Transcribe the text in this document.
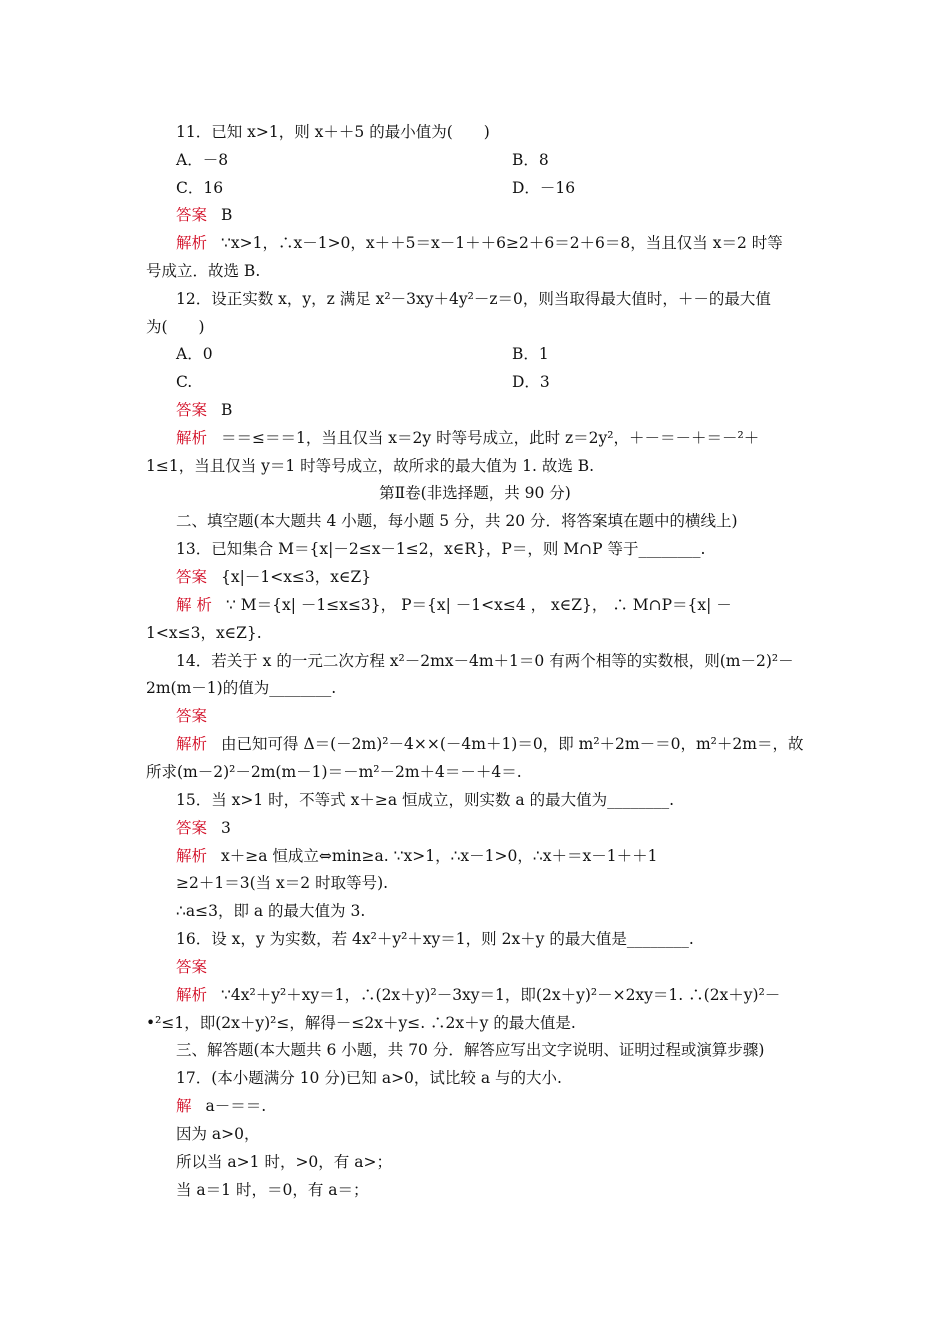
11．已知 x>1，则 x＋＋5 的最小值为(　　)
A．－8	B．8
C．16	D．－16
答案 B
解析 ∵x>1，∴x－1>0，x＋＋5＝x－1＋＋6≥2＋6＝2＋6＝8，当且仅当 x＝2 时等
号成立．故选 B.
12．设正实数 x，y，z 满足 x²－3xy＋4y²－z＝0，则当取得最大值时，＋－的最大值
为(　　)
A．0	B．1
C.	D．3
答案 B
解析 ＝＝≤＝＝1，当且仅当 x＝2y 时等号成立，此时 z＝2y²，＋－＝－＋＝－²＋
1≤1，当且仅当 y＝1 时等号成立，故所求的最大值为 1. 故选 B.
第Ⅱ卷(非选择题，共 90 分)
二、填空题(本大题共 4 小题，每小题 5 分，共 20 分．将答案填在题中的横线上)
13．已知集合 M＝{x|－2≤x－1≤2，x∈R}，P＝，则 M∩P 等于________.
答案 {x|－1<x≤3，x∈Z}
解 析 ∵ M＝{x| －1≤x≤3}， P＝{x| －1<x≤4 ， x∈Z}， ∴ M∩P＝{x| －
1<x≤3，x∈Z}.
14．若关于 x 的一元二次方程 x²－2mx－4m＋1＝0 有两个相等的实数根，则(m－2)²－
2m(m－1)的值为________.
答案
解析 由已知可得 Δ＝(－2m)²－4××(－4m＋1)＝0，即 m²＋2m－＝0，m²＋2m＝，故
所求(m－2)²－2m(m－1)＝－m²－2m＋4＝－＋4＝.
15．当 x>1 时，不等式 x＋≥a 恒成立，则实数 a 的最大值为________.
答案 3
解析 x＋≥a 恒成立⇔min≥a. ∵x>1，∴x－1>0，∴x＋＝x－1＋＋1
≥2＋1＝3(当 x＝2 时取等号).
∴a≤3，即 a 的最大值为 3.
16．设 x，y 为实数，若 4x²＋y²＋xy＝1，则 2x＋y 的最大值是________.
答案
解析 ∵4x²＋y²＋xy＝1，∴(2x＋y)²－3xy＝1，即(2x＋y)²－×2xy＝1. ∴(2x＋y)²－
•²≤1，即(2x＋y)²≤，解得－≤2x＋y≤. ∴2x＋y 的最大值是.
三、解答题(本大题共 6 小题，共 70 分．解答应写出文字说明、证明过程或演算步骤)
17．(本小题满分 10 分)已知 a>0，试比较 a 与的大小.
解 a－＝＝.
因为 a>0，
所以当 a>1 时，>0，有 a>；
当 a＝1 时，＝0，有 a＝；
